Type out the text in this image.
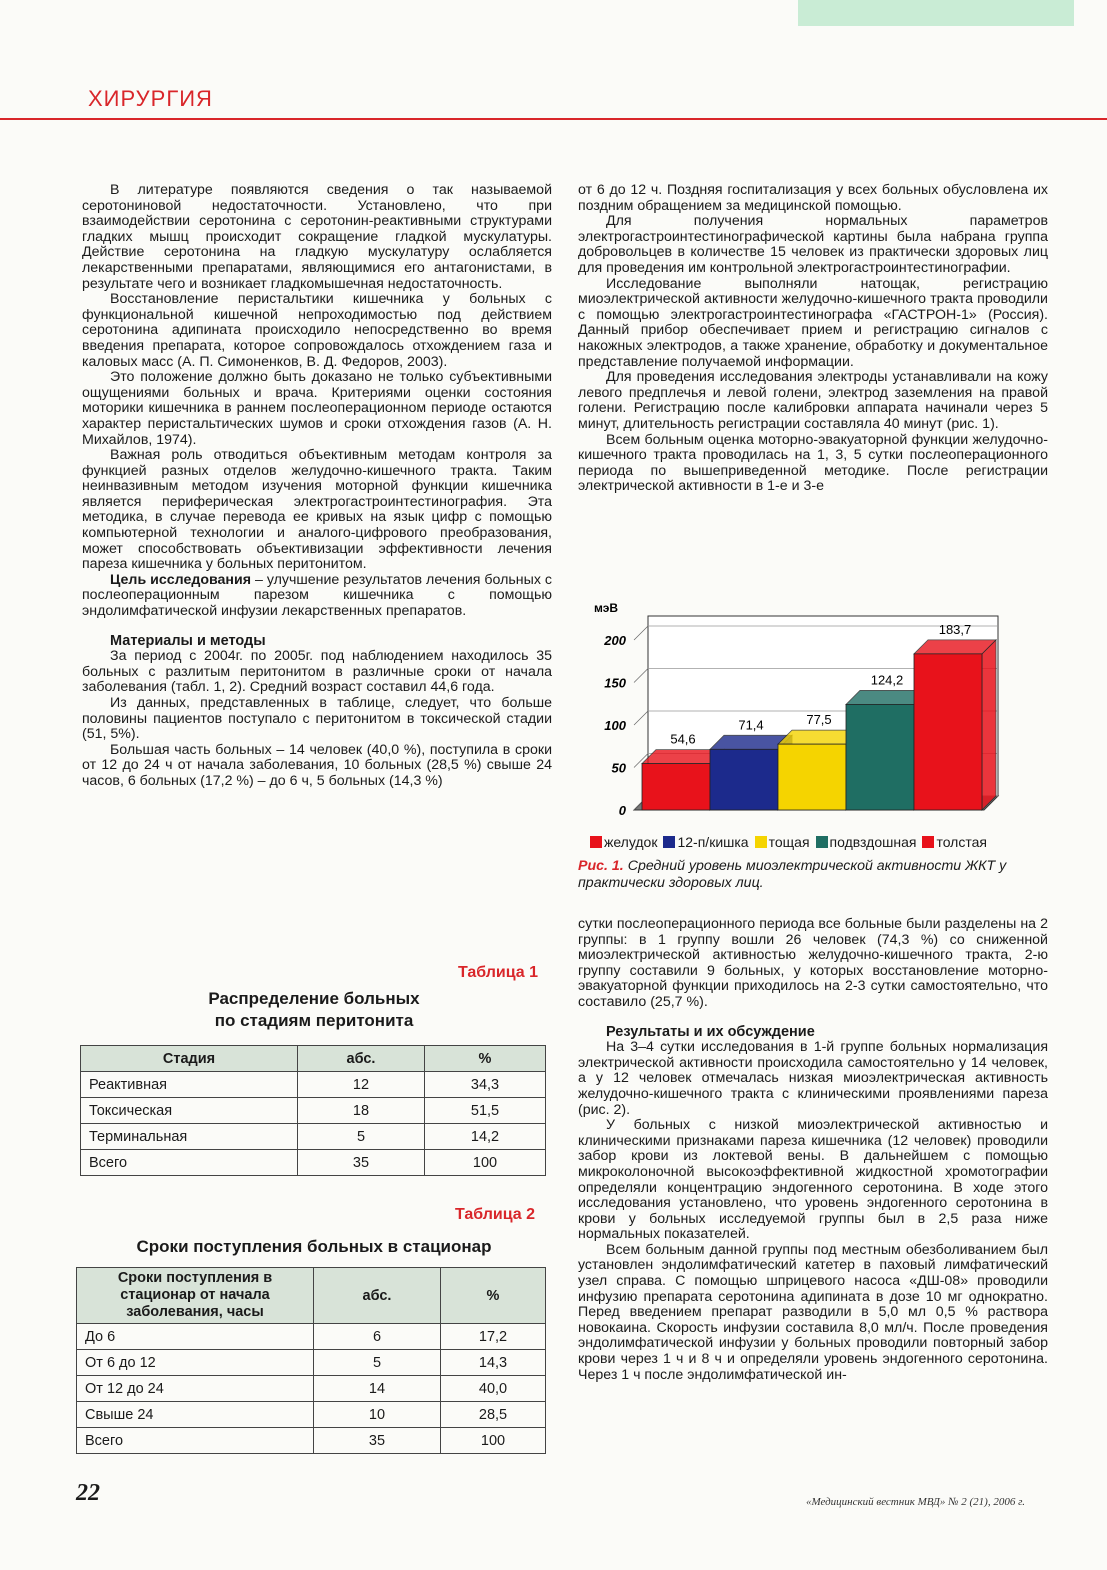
ХИРУРГИЯ

В литературе появляются сведения о так называемой серотониновой недостаточности. Установлено, что при взаимодействии серотонина с серотонин-реактивными структурами гладких мышц происходит сокращение гладкой мускулатуры. Действие серотонина на гладкую мускулатуру ослабляется лекарственными препаратами, являющимися его антагонистами, в результате чего и возникает гладкомышечная недостаточность.

Восстановление перистальтики кишечника у больных с функциональной кишечной непроходимостью под действием серотонина адипината происходило непосредственно во время введения препарата, которое сопровождалось отхождением газа и каловых масс (А. П. Симоненков, В. Д. Федоров, 2003).

Это положение должно быть доказано не только субъективными ощущениями больных и врача. Критериями оценки состояния моторики кишечника в раннем послеоперационном периоде остаются характер перистальтических шумов и сроки отхождения газов (А. Н. Михайлов, 1974).

Важная роль отводиться объективным методам контроля за функцией разных отделов желудочно-кишечного тракта. Таким неинвазивным методом изучения моторной функции кишечника является периферическая электрогастроинтестинография. Эта методика, в случае перевода ее кривых на язык цифр с помощью компьютерной технологии и аналого-цифрового преобразования, может способствовать объективизации эффективности лечения пареза кишечника у больных перитонитом.

Цель исследования – улучшение результатов лечения больных с послеоперационным парезом кишечника с помощью эндолимфатической инфузии лекарственных препаратов.

Материалы и методы

За период с 2004г. по 2005г. под наблюдением находилось 35 больных с разлитым перитонитом в различные сроки от начала заболевания (табл. 1, 2). Средний возраст составил 44,6 года.

Из данных, представленных в таблице, следует, что больше половины пациентов поступало с перитонитом в токсической стадии (51, 5%).

Большая часть больных – 14 человек (40,0 %), поступила в сроки от 12 до 24 ч от начала заболевания, 10 больных (28,5 %) свыше 24 часов, 6 больных (17,2 %) – до 6 ч, 5 больных (14,3 %)

Таблица 1
Распределение больных
по стадиям перитонита
Стадия	абс.	%
Реактивная	12	34,3
Токсическая	18	51,5
Терминальная	5	14,2
Всего	35	100
Таблица 2
Сроки поступления больных в стационар
Сроки поступления в стационар от начала заболевания, часы	абс.	%
До 6	6	17,2
От 6 до 12	5	14,3
От 12 до 24	14	40,0
Свыше 24	10	28,5
Всего	35	100

от 6 до 12 ч. Поздняя госпитализация у всех больных обусловлена их поздним обращением за медицинской помощью.

Для получения нормальных параметров электрогастроинтестинографической картины была набрана группа добровольцев в количестве 15 человек из практически здоровых лиц для проведения им контрольной электрогастроинтестинографии.

Исследование выполняли натощак, регистрацию миоэлектрической активности желудочно-кишечного тракта проводили с помощью электрогастроинтестинографа «ГАСТРОН-1» (Россия). Данный прибор обеспечивает прием и регистрацию сигналов с накожных электродов, а также хранение, обработку и документальное представление получаемой информации.

Для проведения исследования электроды устанавливали на кожу левого предплечья и левой голени, электрод заземления на правой голени. Регистрацию после калибровки аппарата начинали через 5 минут, длительность регистрации составляла 40 минут (рис. 1).

Всем больным оценка моторно-эвакуаторной функции желудочно-кишечного тракта проводилась на 1, 3, 5 сутки послеоперационного периода по вышеприведенной методике. После регистрации электрической активности в 1-е и 3-е

0
50
100
150
200
мэВ
54,6
71,4	77,5
124,2
183,7
желудок 12-п/кишка тощая подвздошная толстая
Рис. 1. Средний уровень миоэлектрической активности ЖКТ у практически здоровых лиц.

сутки послеоперационного периода все больные были разделены на 2 группы: в 1 группу вошли 26 человек (74,3 %) со сниженной миоэлектрической активностью желудочно-кишечного тракта, 2-ю группу составили 9 больных, у которых восстановление моторно-эвакуаторной функции приходилось на 2-3 сутки самостоятельно, что составило (25,7 %).

Результаты и их обсуждение

На 3–4 сутки исследования в 1-й группе больных нормализация электрической активности происходила самостоятельно у 14 человек, а у 12 человек отмечалась низкая миоэлектрическая активность желудочно-кишечного тракта с клиническими проявлениями пареза (рис. 2).

У больных с низкой миоэлектрической активностью и клиническими признаками пареза кишечника (12 человек) проводили забор крови из локтевой вены. В дальнейшем с помощью микроколоночной высокоэффективной жидкостной хромотографии определяли концентрацию эндогенного серотонина. В ходе этого исследования установлено, что уровень эндогенного серотонина в крови у больных исследуемой группы был в 2,5 раза ниже нормальных показателей.

Всем больным данной группы под местным обезболиванием был установлен эндолимфатический катетер в паховый лимфатический узел справа. С помощью шприцевого насоса «ДШ-08» проводили инфузию препарата серотонина адипината в дозе 10 мг однократно. Перед введением препарат разводили в 5,0 мл 0,5 % раствора новокаина. Скорость инфузии составила 8,0 мл/ч. После проведения эндолимфатической инфузии у больных проводили повторный забор крови через 1 ч и 8 ч и определяли уровень эндогенного серотонина. Через 1 ч после эндолимфатической ин-

22	«Медицинский вестник МВД» № 2 (21), 2006 г.
